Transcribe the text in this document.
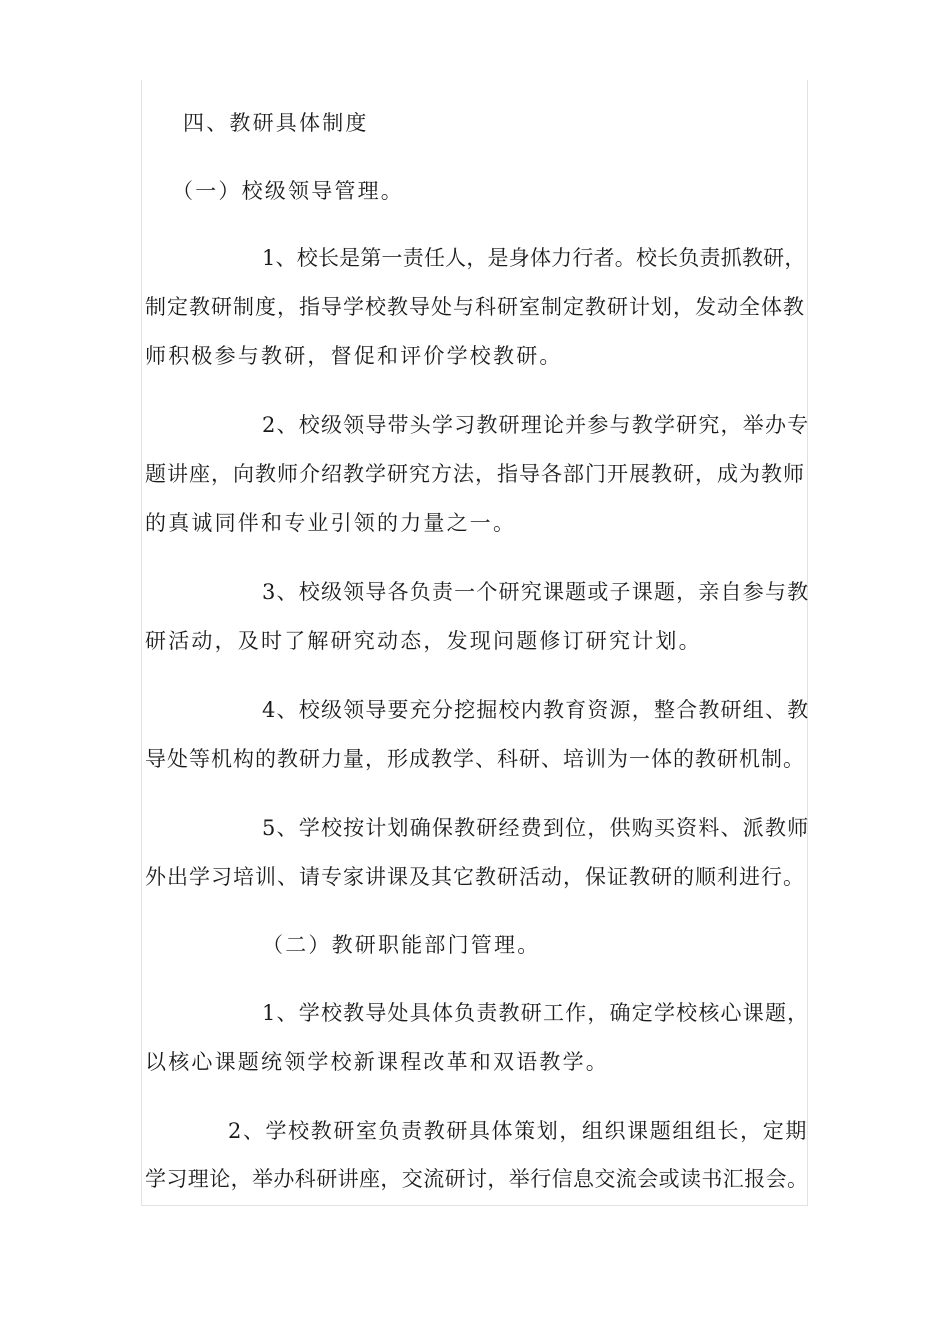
四、教研具体制度
（一）校级领导管理。
1、校长是第一责任人，是身体力行者。校长负责抓教研，
制定教研制度，指导学校教导处与科研室制定教研计划，发动全体教
师积极参与教研，督促和评价学校教研。
2、校级领导带头学习教研理论并参与教学研究，举办专
题讲座，向教师介绍教学研究方法，指导各部门开展教研，成为教师
的真诚同伴和专业引领的力量之一。
3、校级领导各负责一个研究课题或子课题，亲自参与教
研活动，及时了解研究动态，发现问题修订研究计划。
4、校级领导要充分挖掘校内教育资源，整合教研组、教
导处等机构的教研力量，形成教学、科研、培训为一体的教研机制。
5、学校按计划确保教研经费到位，供购买资料、派教师
外出学习培训、请专家讲课及其它教研活动，保证教研的顺利进行。
（二）教研职能部门管理。
1、学校教导处具体负责教研工作，确定学校核心课题，
以核心课题统领学校新课程改革和双语教学。
2、学校教研室负责教研具体策划，组织课题组组长，定期
学习理论，举办科研讲座，交流研讨，举行信息交流会或读书汇报会。
